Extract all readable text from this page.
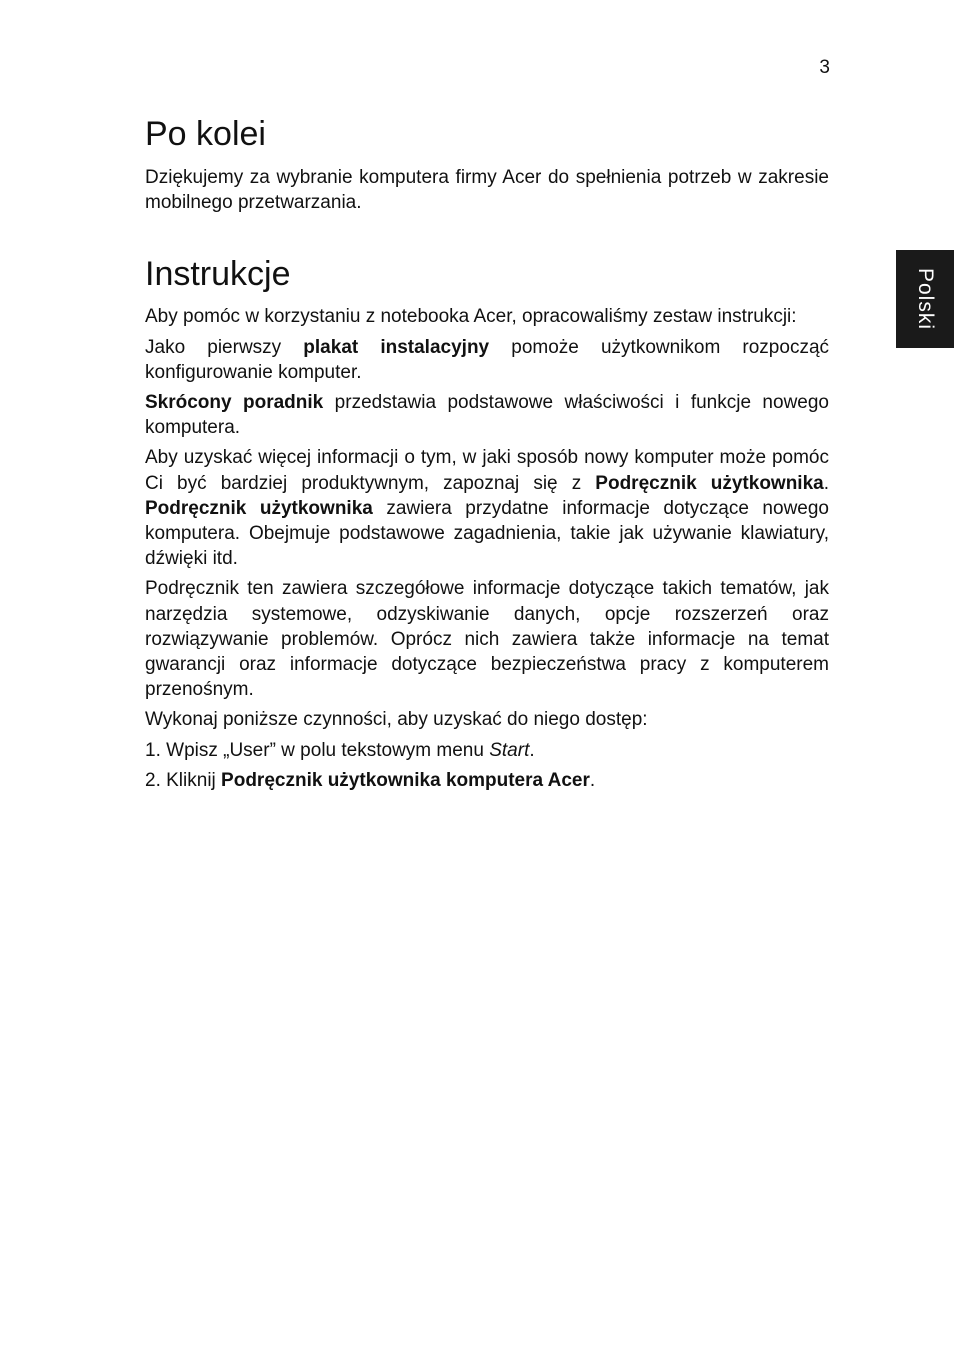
3
Polski
Po kolei

Dziękujemy za wybranie komputera firmy Acer do spełnienia potrzeb w zakresie mobilnego przetwarzania.

Instrukcje

Aby pomóc w korzystaniu z notebooka Acer, opracowaliśmy zestaw instrukcji:

Jako pierwszy plakat instalacyjny pomoże użytkownikom rozpocząć konfigurowanie komputer.

Skrócony poradnik przedstawia podstawowe właściwości i funkcje nowego komputera.

Aby uzyskać więcej informacji o tym, w jaki sposób nowy komputer może pomóc Ci być bardziej produktywnym, zapoznaj się z Podręcznik użytkownika. Podręcznik użytkownika zawiera przydatne informacje dotyczące nowego komputera. Obejmuje podstawowe zagadnienia, takie jak używanie klawiatury, dźwięki itd.

Podręcznik ten zawiera szczegółowe informacje dotyczące takich tematów, jak narzędzia systemowe, odzyskiwanie danych, opcje rozszerzeń oraz rozwiązywanie problemów. Oprócz nich zawiera także informacje na temat gwarancji oraz informacje dotyczące bezpieczeństwa pracy z komputerem przenośnym.

Wykonaj poniższe czynności, aby uzyskać do niego dostęp:

1. Wpisz „User” w polu tekstowym menu Start.
2. Kliknij Podręcznik użytkownika komputera Acer.
